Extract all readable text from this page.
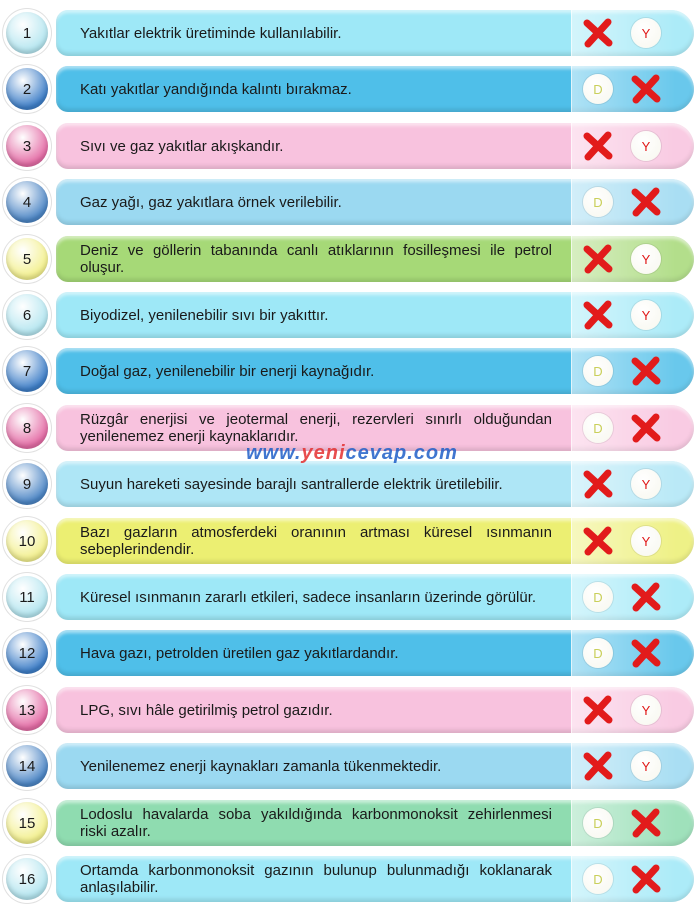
1	Yakıtlar elektrik üretiminde kullanılabilir.	Y
2	Katı yakıtlar yandığında kalıntı bırakmaz.	D
3	Sıvı ve gaz yakıtlar akışkandır.	Y
4	Gaz yağı, gaz yakıtlara örnek verilebilir.	D
5	Deniz ve göllerin tabanında canlı atıklarının fosilleşmesi ile petrol oluşur.	Y
6	Biyodizel, yenilenebilir sıvı bir yakıttır.	Y
7	Doğal gaz, yenilenebilir bir enerji kaynağıdır.	D
8	Rüzgâr enerjisi ve jeotermal enerji, rezervleri sınırlı olduğundan yenilenemez enerji kaynaklarıdır.	D
9	Suyun hareketi sayesinde barajlı santrallerde elektrik üretilebilir.	Y
10	Bazı gazların atmosferdeki oranının artması küresel ısınmanın sebeplerindendir.	Y
11	Küresel ısınmanın zararlı etkileri, sadece insanların üzerinde görülür.	D
12	Hava gazı, petrolden üretilen gaz yakıtlardandır.	D
13	LPG, sıvı hâle getirilmiş petrol gazıdır.	Y
14	Yenilenemez enerji kaynakları zamanla tükenmektedir.	Y
15	Lodoslu havalarda soba yakıldığında karbonmonoksit zehirlenmesi riski azalır.	D
16	Ortamda karbonmonoksit gazının bulunup bulunmadığı koklanarak anlaşılabilir.	D
www.yenicevap.com
